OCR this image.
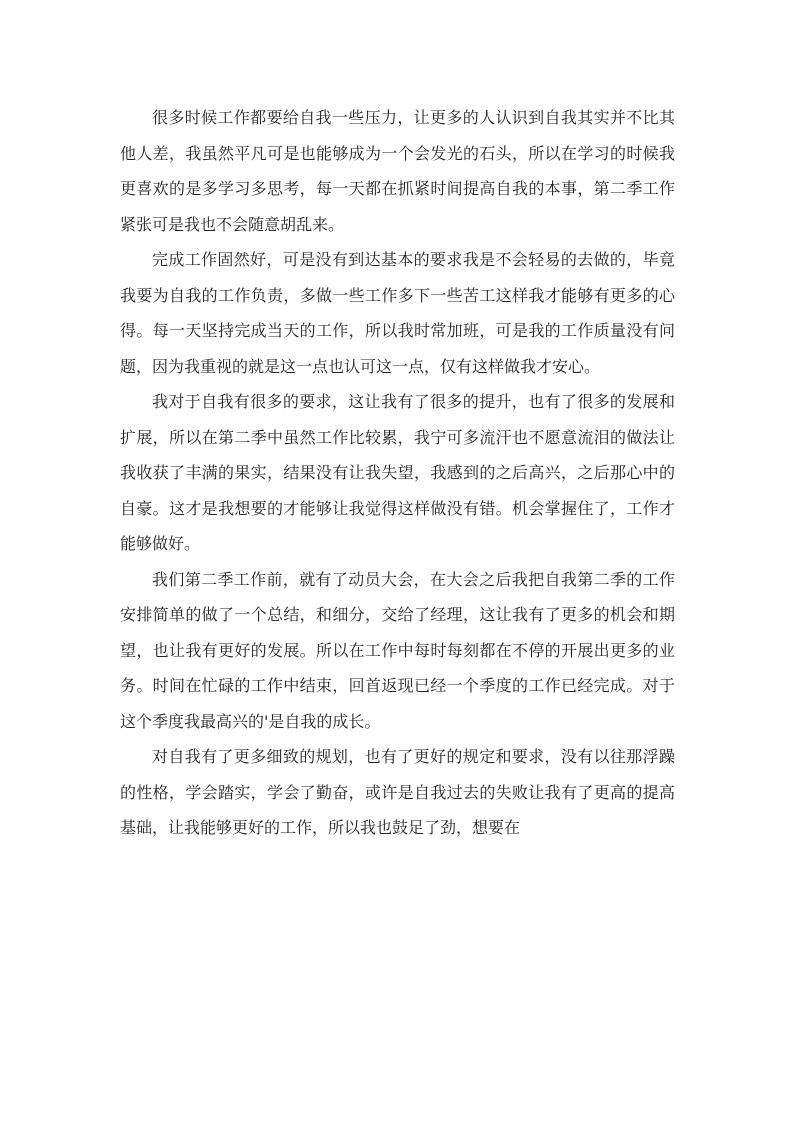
很多时候工作都要给自我一些压力，让更多的人认识到自我其实并不比其他人差，我虽然平凡可是也能够成为一个会发光的石头，所以在学习的时候我更喜欢的是多学习多思考，每一天都在抓紧时间提高自我的本事，第二季工作紧张可是我也不会随意胡乱来。

完成工作固然好，可是没有到达基本的要求我是不会轻易的去做的，毕竟我要为自我的工作负责，多做一些工作多下一些苦工这样我才能够有更多的心得。每一天坚持完成当天的工作，所以我时常加班，可是我的工作质量没有问题，因为我重视的就是这一点也认可这一点，仅有这样做我才安心。

我对于自我有很多的要求，这让我有了很多的提升，也有了很多的发展和扩展，所以在第二季中虽然工作比较累，我宁可多流汗也不愿意流泪的做法让我收获了丰满的果实，结果没有让我失望，我感到的之后高兴，之后那心中的自豪。这才是我想要的才能够让我觉得这样做没有错。机会掌握住了，工作才能够做好。

我们第二季工作前，就有了动员大会，在大会之后我把自我第二季的工作安排简单的做了一个总结，和细分，交给了经理，这让我有了更多的机会和期望，也让我有更好的发展。所以在工作中每时每刻都在不停的开展出更多的业务。时间在忙碌的工作中结束，回首返现已经一个季度的工作已经完成。对于这个季度我最高兴的'是自我的成长。

对自我有了更多细致的规划，也有了更好的规定和要求，没有以往那浮躁的性格，学会踏实，学会了勤奋，或许是自我过去的失败让我有了更高的提高基础，让我能够更好的工作，所以我也鼓足了劲，想要在
